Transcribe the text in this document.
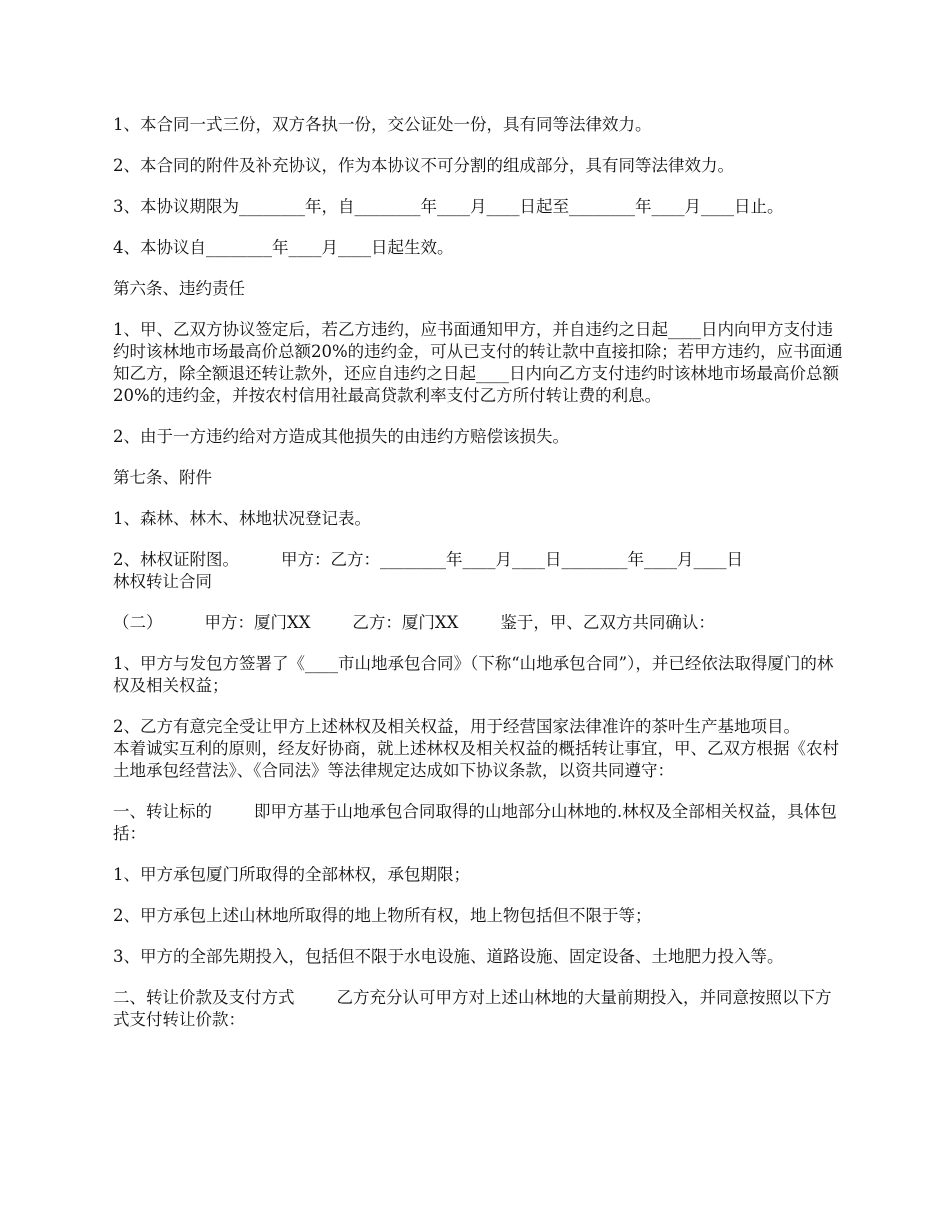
1、本合同一式三份，双方各执一份，交公证处一份，具有同等法律效力。

2、本合同的附件及补充协议，作为本协议不可分割的组成部分，具有同等法律效力。

3、本协议期限为________年，自________年____月____日起至________年____月____日止。

4、本协议自________年____月____日起生效。

第六条、违约责任

1、甲、乙双方协议签定后，若乙方违约，应书面通知甲方，并自违约之日起____日内向甲方支付违约时该林地市场最高价总额20%的违约金，可从已支付的转让款中直接扣除；若甲方违约，应书面通知乙方，除全额退还转让款外，还应自违约之日起____日内向乙方支付违约时该林地市场最高价总额20%的违约金，并按农村信用社最高贷款利率支付乙方所付转让费的利息。

2、由于一方违约给对方造成其他损失的由违约方赔偿该损失。

第七条、附件

1、森林、林木、林地状况登记表。

2、林权证附图。        甲方：乙方：________年____月____日________年____月____日
林权转让合同

（二）        甲方：厦门XX        乙方：厦门XX        鉴于，甲、乙双方共同确认：

1、甲方与发包方签署了《____市山地承包合同》（下称“山地承包合同”），并已经依法取得厦门的林权及相关权益；

2、乙方有意完全受让甲方上述林权及相关权益，用于经营国家法律准许的茶叶生产基地项目。        本着诚实互利的原则，经友好协商，就上述林权及相关权益的概括转让事宜，甲、乙双方根据《农村土地承包经营法》、《合同法》等法律规定达成如下协议条款，以资共同遵守：

一、转让标的        即甲方基于山地承包合同取得的山地部分山林地的.林权及全部相关权益，具体包括：

1、甲方承包厦门所取得的全部林权，承包期限；

2、甲方承包上述山林地所取得的地上物所有权，地上物包括但不限于等；

3、甲方的全部先期投入，包括但不限于水电设施、道路设施、固定设备、土地肥力投入等。

二、转让价款及支付方式        乙方充分认可甲方对上述山林地的大量前期投入，并同意按照以下方式支付转让价款：
